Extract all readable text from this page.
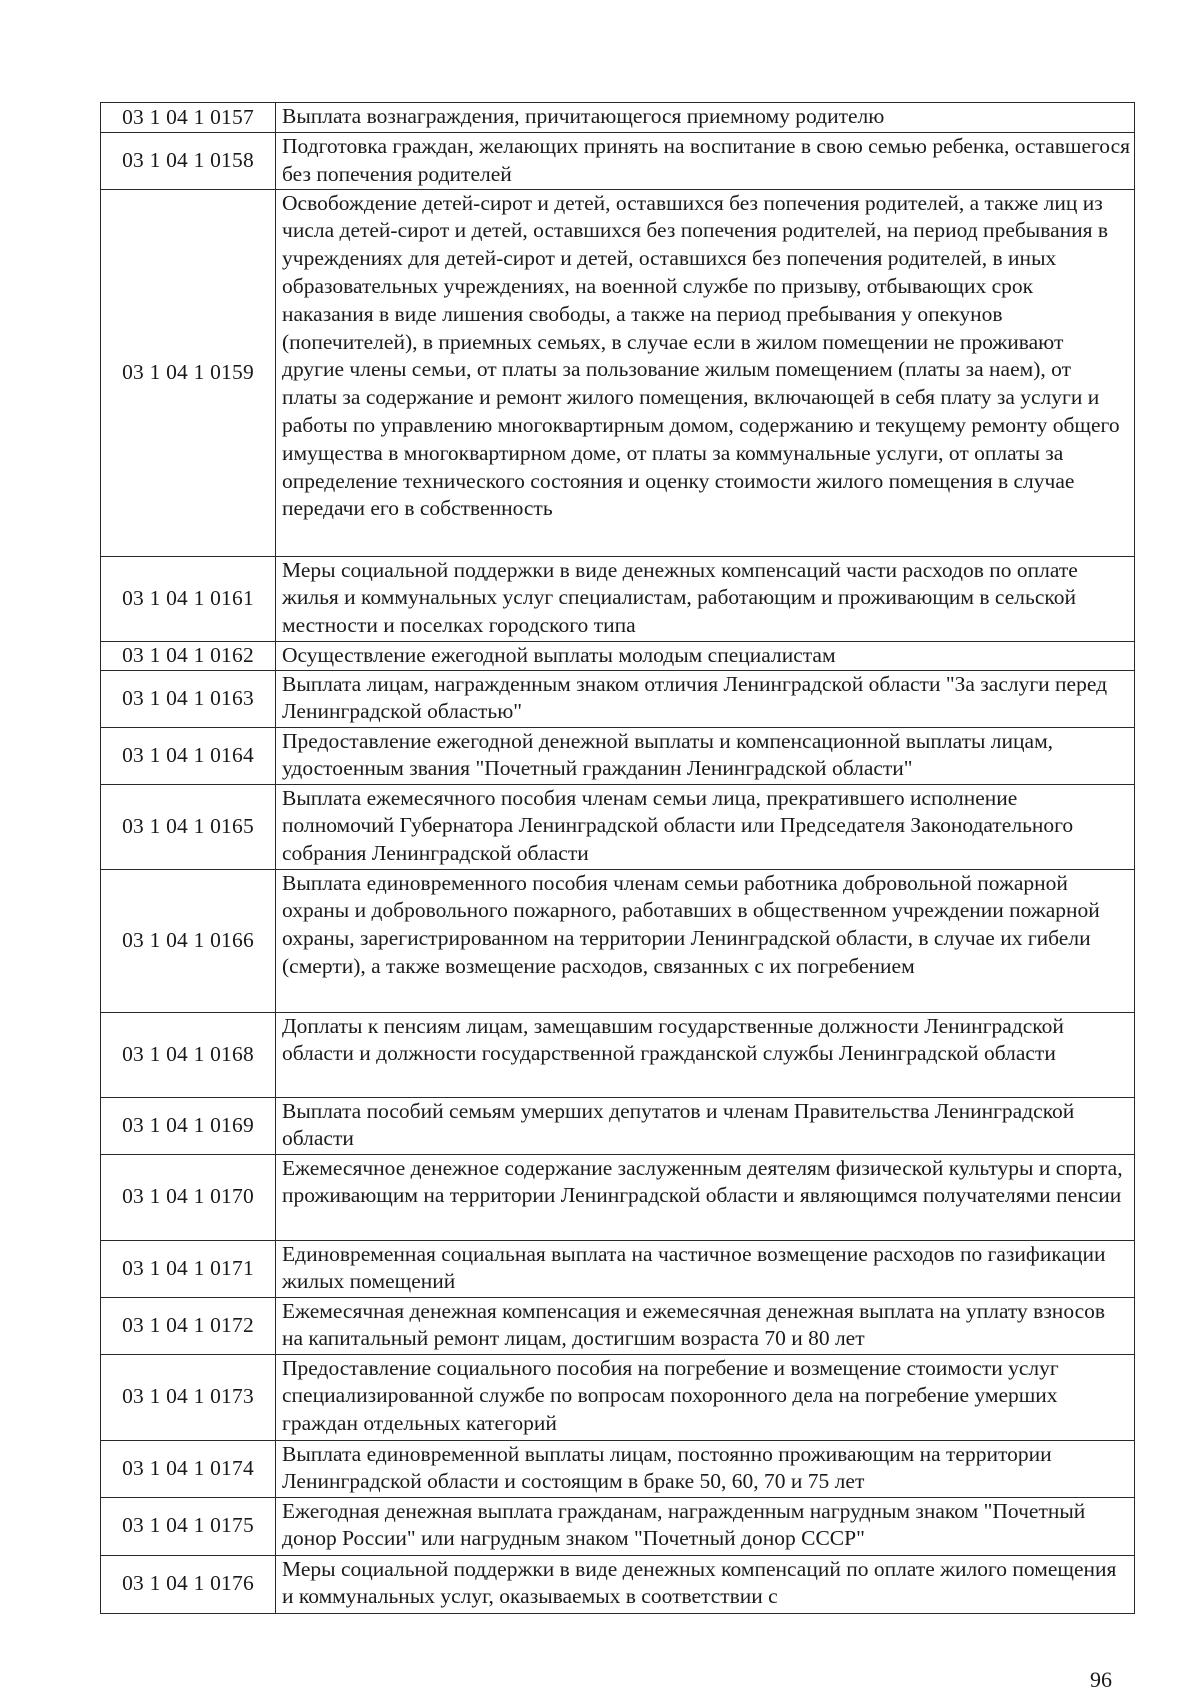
03 1 04 1 0157	Выплата вознаграждения, причитающегося приемному родителю
03 1 04 1 0158	Подготовка граждан, желающих принять на воспитание в свою семью ребенка, оставшегося без попечения родителей
03 1 04 1 0159	Освобождение детей-сирот и детей, оставшихся без попечения родителей, а также лиц из числа детей-сирот и детей, оставшихся без попечения родителей, на период пребывания в учреждениях для детей-сирот и детей, оставшихся без попечения родителей, в иных образовательных учреждениях, на военной службе по призыву, отбывающих срок наказания в виде лишения свободы, а также на период пребывания у опекунов (попечителей), в приемных семьях, в случае если в жилом помещении не проживают другие члены семьи, от платы за пользование жилым помещением (платы за наем), от платы за содержание и ремонт жилого помещения, включающей в себя плату за услуги и работы по управлению многоквартирным домом, содержанию и текущему ремонту общего имущества в многоквартирном доме, от платы за коммунальные услуги, от оплаты за определение технического состояния и оценку стоимости жилого помещения в случае передачи его в собственность
03 1 04 1 0161	Меры социальной поддержки в виде денежных компенсаций части расходов по оплате жилья и коммунальных услуг специалистам, работающим и проживающим в сельской местности и поселках городского типа
03 1 04 1 0162	Осуществление ежегодной выплаты молодым специалистам
03 1 04 1 0163	Выплата лицам, награжденным знаком отличия Ленинградской области "За заслуги перед Ленинградской областью"
03 1 04 1 0164	Предоставление ежегодной денежной выплаты и компенсационной выплаты лицам, удостоенным звания "Почетный гражданин Ленинградской области"
03 1 04 1 0165	Выплата ежемесячного пособия членам семьи лица, прекратившего исполнение полномочий Губернатора Ленинградской области или Председателя Законодательного собрания Ленинградской области
03 1 04 1 0166	Выплата единовременного пособия членам семьи работника добровольной пожарной охраны и добровольного пожарного, работавших в общественном учреждении пожарной охраны, зарегистрированном на территории Ленинградской области, в случае их гибели (смерти), а также возмещение расходов, связанных с их погребением
03 1 04 1 0168	Доплаты к пенсиям лицам, замещавшим государственные должности Ленинградской области и должности государственной гражданской службы Ленинградской области
03 1 04 1 0169	Выплата пособий семьям умерших депутатов и членам Правительства Ленинградской области
03 1 04 1 0170	Ежемесячное денежное содержание заслуженным деятелям физической культуры и спорта, проживающим на территории Ленинградской области и являющимся получателями пенсии
03 1 04 1 0171	Единовременная социальная выплата на частичное возмещение расходов по газификации жилых помещений
03 1 04 1 0172	Ежемесячная денежная компенсация и ежемесячная денежная выплата на уплату взносов на капитальный ремонт лицам, достигшим возраста 70 и 80 лет
03 1 04 1 0173	Предоставление социального пособия на погребение и возмещение стоимости услуг специализированной службе по вопросам похоронного дела на погребение умерших граждан отдельных категорий
03 1 04 1 0174	Выплата единовременной выплаты лицам, постоянно проживающим на территории Ленинградской области и состоящим в браке 50, 60, 70 и 75 лет
03 1 04 1 0175	Ежегодная денежная выплата гражданам, награжденным нагрудным знаком "Почетный донор России" или нагрудным знаком "Почетный донор СССР"
03 1 04 1 0176	Меры социальной поддержки в виде денежных компенсаций по оплате жилого помещения и коммунальных услуг, оказываемых в соответствии с
96
